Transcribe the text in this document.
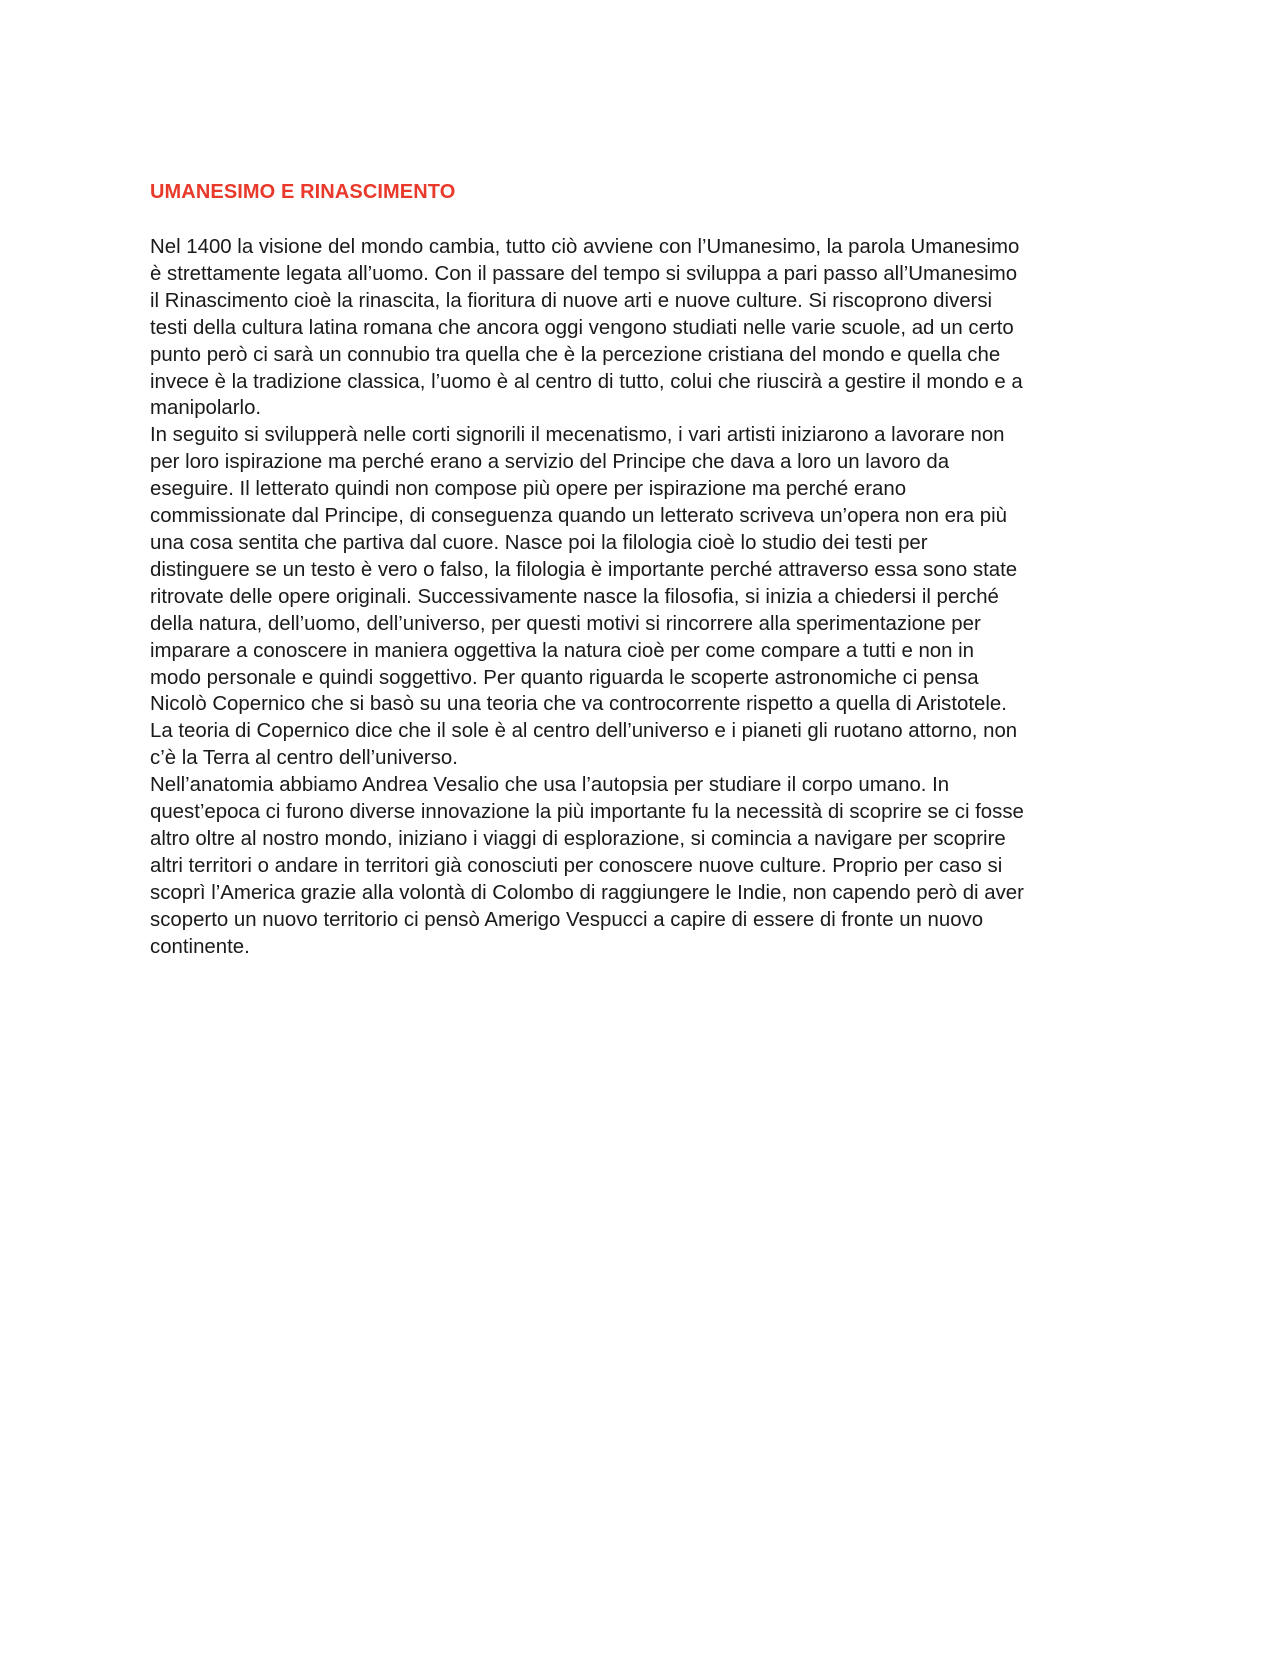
UMANESIMO E RINASCIMENTO

Nel 1400 la visione del mondo cambia, tutto ciò avviene con l’Umanesimo, la parola Umanesimo
è strettamente legata all’uomo. Con il passare del tempo si sviluppa a pari passo all’Umanesimo
il Rinascimento cioè la rinascita, la fioritura di nuove arti e nuove culture. Si riscoprono diversi
testi della cultura latina romana che ancora oggi vengono studiati nelle varie scuole, ad un certo
punto però ci sarà un connubio tra quella che è la percezione cristiana del mondo e quella che
invece è la tradizione classica, l’uomo è al centro di tutto, colui che riuscirà a gestire il mondo e a
manipolarlo.

In seguito si svilupperà nelle corti signorili il mecenatismo, i vari artisti iniziarono a lavorare non
per loro ispirazione ma perché erano a servizio del Principe che dava a loro un lavoro da
eseguire. Il letterato quindi non compose più opere per ispirazione ma perché erano
commissionate dal Principe, di conseguenza quando un letterato scriveva un’opera non era più
una cosa sentita che partiva dal cuore. Nasce poi la filologia cioè lo studio dei testi per
distinguere se un testo è vero o falso, la filologia è importante perché attraverso essa sono state
ritrovate delle opere originali. Successivamente nasce la filosofia, si inizia a chiedersi il perché
della natura, dell’uomo, dell’universo, per questi motivi si rincorrere alla sperimentazione per
imparare a conoscere in maniera oggettiva la natura cioè per come compare a tutti e non in
modo personale e quindi soggettivo. Per quanto riguarda le scoperte astronomiche ci pensa
Nicolò Copernico che si basò su una teoria che va controcorrente rispetto a quella di Aristotele.
La teoria di Copernico dice che il sole è al centro dell’universo e i pianeti gli ruotano attorno, non
c’è la Terra al centro dell’universo.

Nell’anatomia abbiamo Andrea Vesalio che usa l’autopsia per studiare il corpo umano. In
quest’epoca ci furono diverse innovazione la più importante fu la necessità di scoprire se ci fosse
altro oltre al nostro mondo, iniziano i viaggi di esplorazione, si comincia a navigare per scoprire
altri territori o andare in territori già conosciuti per conoscere nuove culture. Proprio per caso si
scoprì l’America grazie alla volontà di Colombo di raggiungere le Indie, non capendo però di aver
scoperto un nuovo territorio ci pensò Amerigo Vespucci a capire di essere di fronte un nuovo
continente.
